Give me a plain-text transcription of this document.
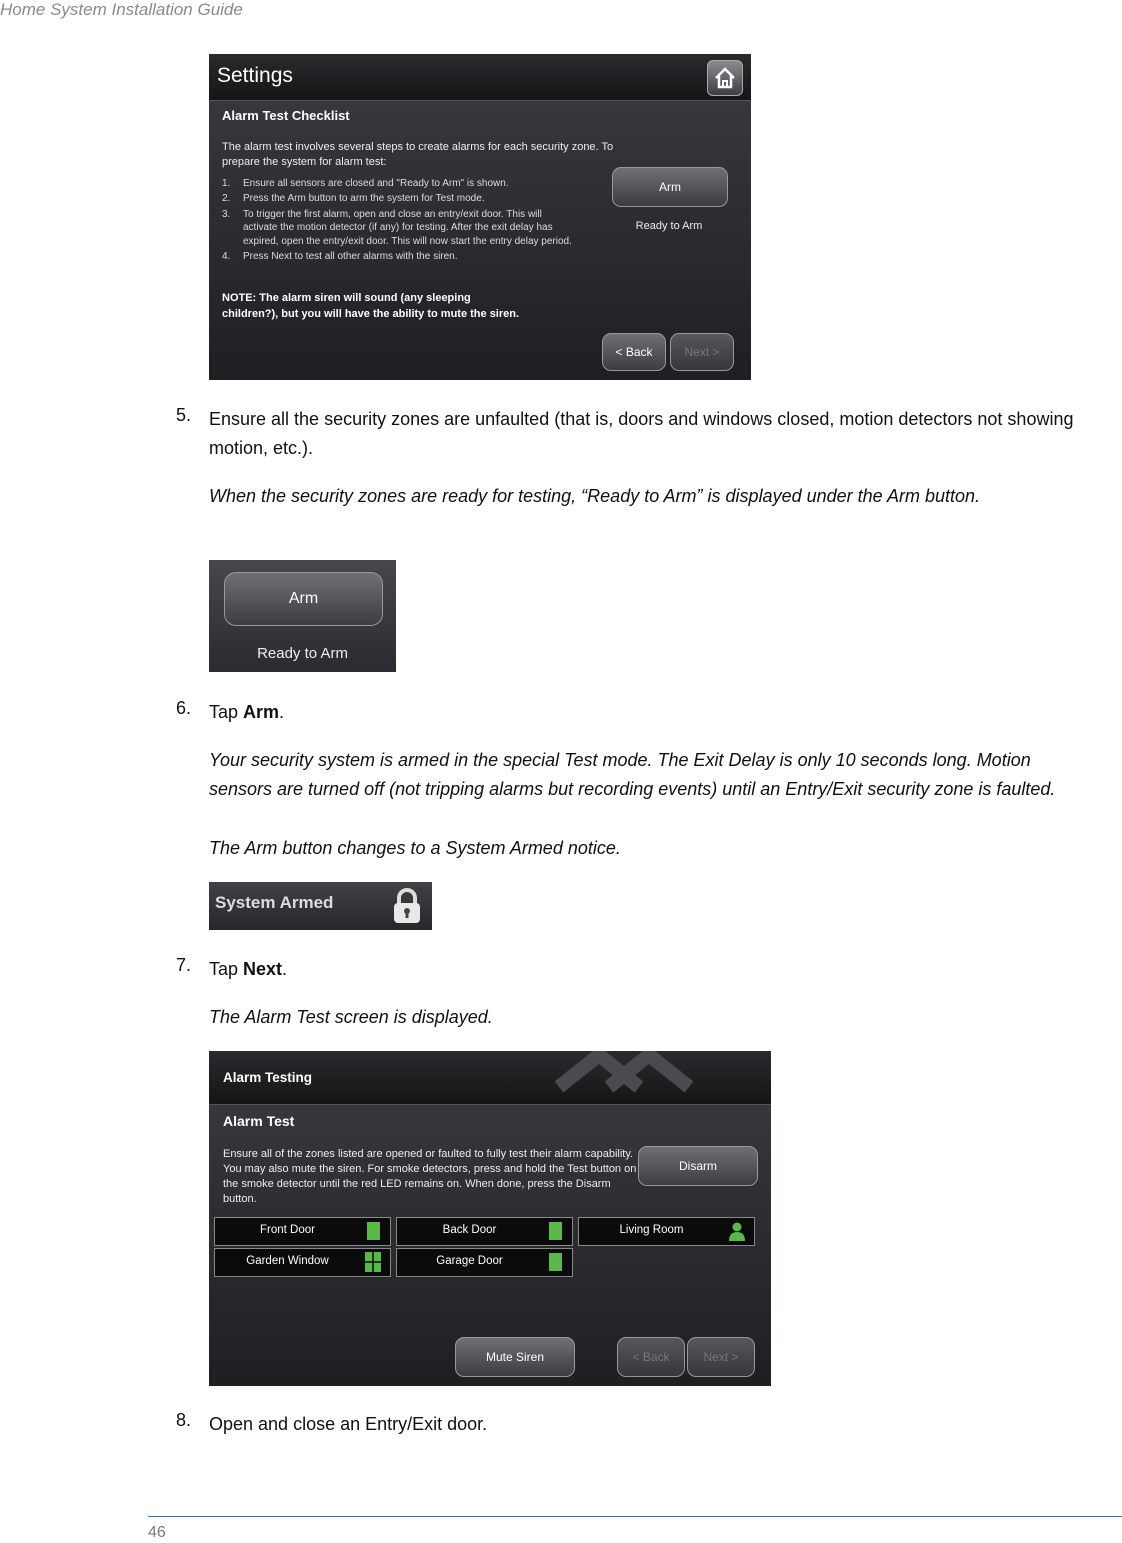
Home System Installation Guide
Settings
Alarm Test Checklist
The alarm test involves several steps to create alarms for each security zone. To
prepare the system for alarm test:
1. Ensure all sensors are closed and "Ready to Arm" is shown.
2. Press the Arm button to arm the system for Test mode.
3. To trigger the first alarm, open and close an entry/exit door. This will activate the motion detector (if any) for testing. After the exit delay has expired, open the entry/exit door. This will now start the entry delay period.
4. Press Next to test all other alarms with the siren.
NOTE: The alarm siren will sound (any sleeping
children?), but you will have the ability to mute the siren.
Arm
Ready to Arm
< Back	Next >
5. Ensure all the security zones are unfaulted (that is, doors and windows closed, motion detectors not showing motion, etc.).
When the security zones are ready for testing, “Ready to Arm” is displayed under the Arm button.
Arm
Ready to Arm
6. Tap Arm.
Your security system is armed in the special Test mode. The Exit Delay is only 10 seconds long. Motion sensors are turned off (not tripping alarms but recording events) until an Entry/Exit security zone is faulted.
The Arm button changes to a System Armed notice.
System Armed
7. Tap Next.
The Alarm Test screen is displayed.
Alarm Testing
Alarm Test
Ensure all of the zones listed are opened or faulted to fully test their alarm capability. You may also mute the siren. For smoke detectors, press and hold the Test button on the smoke detector until the red LED remains on. When done, press the Disarm button.
Disarm
Front Door	Back Door	Living Room
Garden Window	Garage Door
Mute Siren	< Back	Next >
8. Open and close an Entry/Exit door.
46
